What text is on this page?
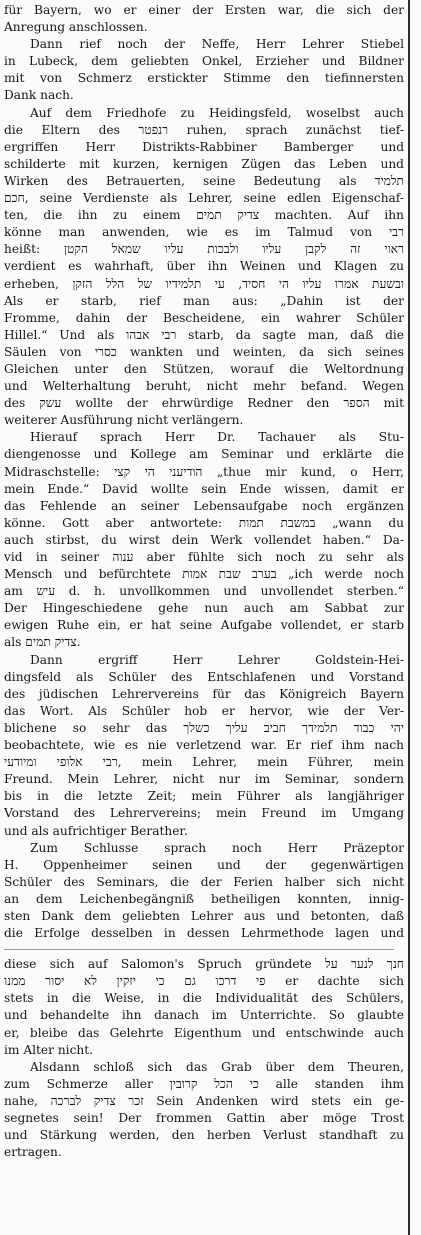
für Bayern, wo er einer der Ersten war, die sich der
Anregung anschlossen.
Dann rief noch der Neffe, Herr Lehrer Stiebel
in Lubeck, dem geliebten Onkel, Erzieher und Bildner
mit von Schmerz erstickter Stimme den tiefinnersten
Dank nach.
Auf dem Friedhofe zu Heidingsfeld, woselbst auch
die Eltern des רנפטר ruhen, sprach zunächst tief-
ergriffen Herr Distrikts-Rabbiner Bamberger und
schilderte mit kurzen, kernigen Zügen das Leben und
Wirken des Betrauerten, seine Bedeutung als תלמיד
חכם, seine Verdienste als Lehrer, seine edlen Eigenschaf-
ten, die ihn zu einem צדיק תמים machten. Auf ihn
könne man anwenden, wie es im Talmud von רבי
heißt: ראוי זה לקבן עליו ולבכות עליו שמאל הקטן
verdient es wahrhaft, über ihn Weinen und Klagen zu
erheben, ובשעת אמרו עליו הי חסיד, עי תלמידיו של הלל הזקן
Als er starb, rief man aus: „Dahin ist der
Fromme, dahin der Bescheidene, ein wahrer Schüler
Hillel.“ Und als רבי אבהו starb, da sagte man, daß die
Säulen von כסרי wankten und weinten, da sich seines
Gleichen unter den Stützen, worauf die Weltordnung
und Welterhaltung beruht, nicht mehr befand. Wegen
des עשק wollte der ehrwürdige Redner den הספר mit
weiterer Ausführung nicht verlängern.
Hierauf sprach Herr Dr. Tachauer als Stu-
diengenosse und Kollege am Seminar und erklärte die
Midraschstelle: הודיעני הי קצי „thue mir kund, o Herr,
mein Ende.“ David wollte sein Ende wissen, damit er
das Fehlende an seiner Lebensaufgabe noch ergänzen
könne. Gott aber antwortete: במשבת תמות „wann du
auch stirbst, du wirst dein Werk vollendet haben.“ Da-
vid in seiner ענוה aber fühlte sich noch zu sehr als
Mensch und befürchtete בערב שבת אמות „ich werde noch
am עיש d. h. unvollkommen und unvollendet sterben.“
Der Hingeschiedene gehe nun auch am Sabbat zur
ewigen Ruhe ein, er hat seine Aufgabe vollendet, er starb
als צדיק תמים.
Dann ergriff Herr Lehrer Goldstein-Hei-
dingsfeld als Schüler des Entschlafenen und Vorstand
des jüdischen Lehrervereins für das Königreich Bayern
das Wort. Als Schüler hob er hervor, wie der Ver-
blichene so sehr das יהי כבוד תלמידך חביב עליך כשלך
beobachtete, wie es nie verletzend war. Er rief ihm nach
רבי אלופי ומיודעי, mein Lehrer, mein Führer, mein
Freund. Mein Lehrer, nicht nur im Seminar, sondern
bis in die letzte Zeit; mein Führer als langjähriger
Vorstand des Lehrervereins; mein Freund im Umgang
und als aufrichtiger Berather.
Zum Schlusse sprach noch Herr Präzeptor
H. Oppenheimer seinen und der gegenwärtigen
Schüler des Seminars, die der Ferien halber sich nicht
an dem Leichenbegängniß betheiligen konnten, innig-
sten Dank dem geliebten Lehrer aus und betonten, daß
die Erfolge desselben in dessen Lehrmethode lagen und
diese sich auf Salomon's Spruch gründete חנך לנער על
פי דרכו גם כי יזקין לא יסור ממנו er dachte sich
stets in die Weise, in die Individualität des Schülers,
und behandelte ihn danach im Unterrichte. So glaubte
er, bleibe das Gelehrte Eigenthum und entschwinde auch
im Alter nicht.
Alsdann schloß sich das Grab über dem Theuren,
zum Schmerze aller כי הכל קרובין alle standen ihm
nahe, זכר צדיק לברכה Sein Andenken wird stets ein ge-
segnetes sein! Der frommen Gattin aber möge Trost
und Stärkung werden, den herben Verlust standhaft zu
ertragen.
